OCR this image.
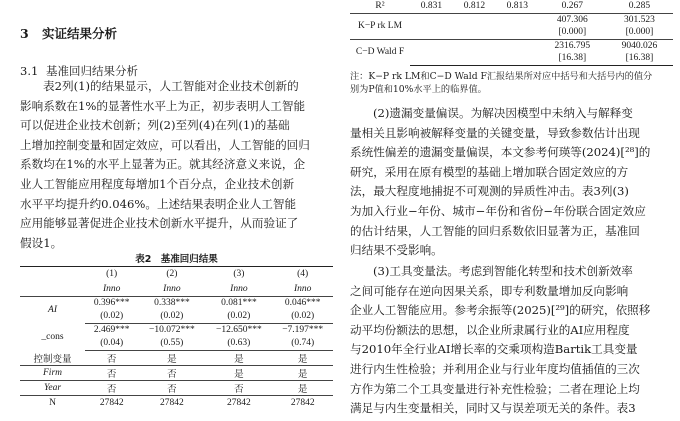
3 实证结果分析
3.1 基准回归结果分析
表2列(1)的结果显示，人工智能对企业技术创新的
影响系数在1%的显著性水平上为正，初步表明人工智能
可以促进企业技术创新；列(2)至列(4)在列(1)的基础
上增加控制变量和固定效应，可以看出，人工智能的回归
系数均在1%的水平上显著为正。就其经济意义来说，企
业人工智能应用程度每增加1个百分点，企业技术创新
水平平均提升约0.046%。上述结果表明企业人工智能
应用能够显著促进企业技术创新水平提升，从而验证了
假设1。
表2　基准回归结果
	(1)	(2)	(3)	(4)
	Inno	Inno	Inno	Inno
AI	0.396***	0.338***	0.081***	0.046***
	(0.02)	(0.02)	(0.02)	(0.02)
_cons	2.469***	−10.072***	−12.650***	−7.197***
	(0.04)	(0.55)	(0.63)	(0.74)
控制变量	否	是	是	是
Firm	否	否	是	是
Year	否	否	否	是
N	27842	27842	27842	27842
R²	0.831	0.812	0.813	0.267	0.285
K−P rk LM				407.306	301.523
				[0.000]	[0.000]
C−D Wald F				2316.795	9040.026
				[16.38]	[16.38]
注：K−P rk LM和C−D Wald F汇报结果所对应中括号和大括号内的值分
别为P值和10%水平上的临界值。
(2)遗漏变量偏误。为解决因模型中未纳入与解释变
量相关且影响被解释变量的关键变量，导致参数估计出现
系统性偏差的遗漏变量偏误，本文参考何瑛等(2024)[²⁸]的
研究，采用在原有模型的基础上增加联合固定效应的方
法，最大程度地捕捉不可观测的异质性冲击。表3列(3)
为加入行业−年份、城市−年份和省份−年份联合固定效应
的估计结果，人工智能的回归系数依旧显著为正，基准回
归结果不受影响。
(3)工具变量法。考虑到智能化转型和技术创新效率
之间可能存在逆向因果关系，即专利数量增加反向影响
企业人工智能应用。参考余振等(2025)[²⁹]的研究，依照移
动平均份额法的思想，以企业所隶属行业的AI应用程度
与2010年全行业AI增长率的交乘项构造Bartik工具变量
进行内生性检验；并利用企业与行业年度均值插值的三次
方作为第二个工具变量进行补充性检验；二者在理论上均
满足与内生变量相关，同时又与误差项无关的条件。表3
